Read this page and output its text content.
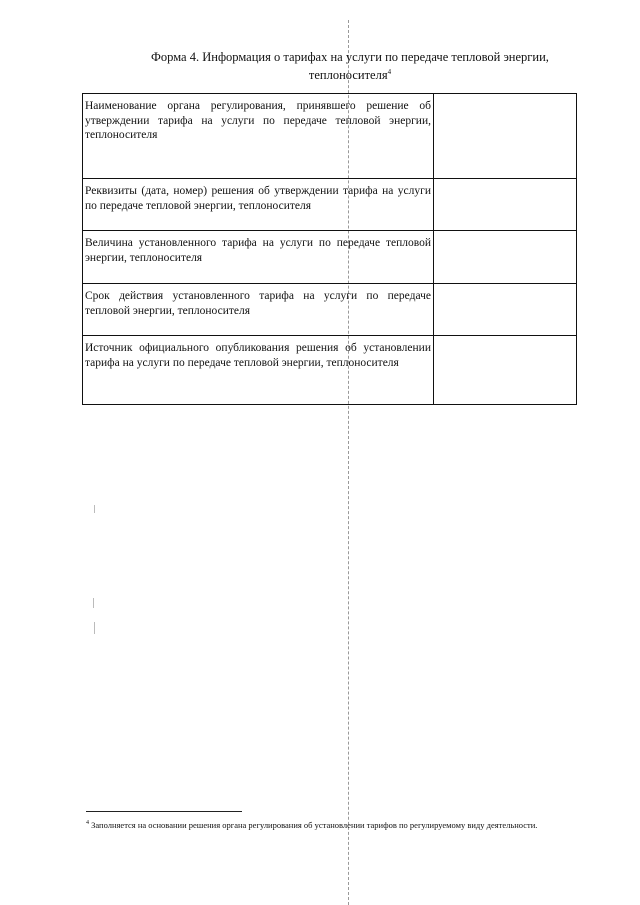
Форма 4. Информация о тарифах на услуги по передаче тепловой энергии,
теплоносителя$^4$
Наименование органа регулирования, принявшего решение об утверждении тарифа на услуги по передаче тепловой энергии, теплоносителя	
Реквизиты (дата, номер) решения об утверждении тарифа на услуги по передаче тепловой энергии, теплоносителя	
Величина установленного тарифа на услуги по передаче тепловой энергии, теплоносителя	
Срок действия установленного тарифа на услуги по передаче тепловой энергии, теплоносителя	
Источник официального опубликования решения об установлении тарифа на услуги по передаче тепловой энергии, теплоносителя	

$^4$ Заполняется на основании решения органа регулирования об установлении тарифов по регулируемому виду деятельности.
